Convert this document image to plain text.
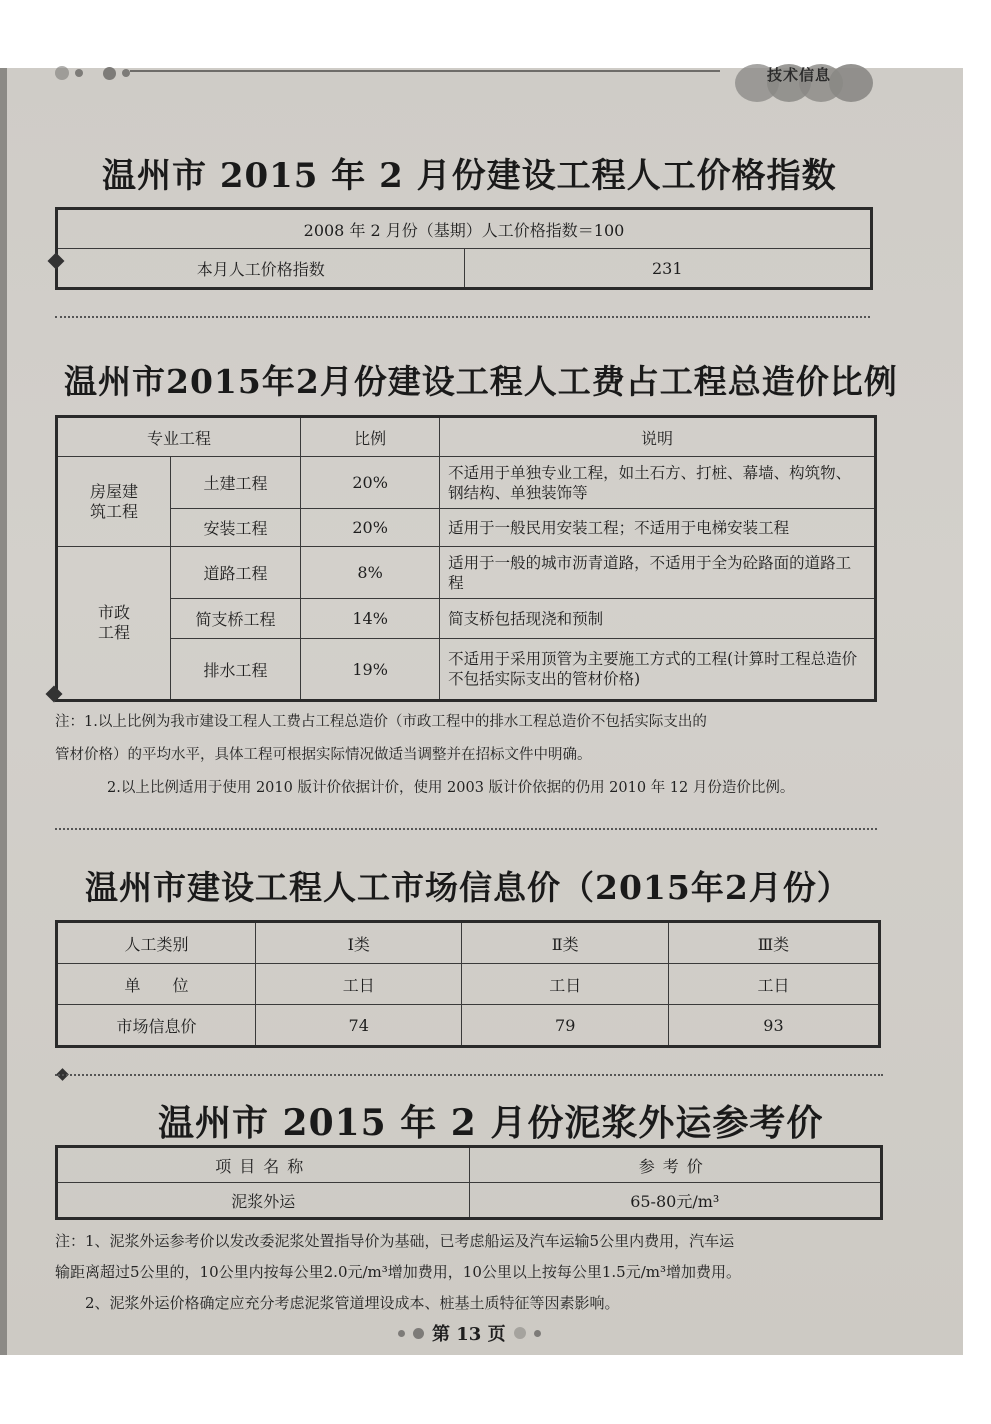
技术信息
温州市 2015 年 2 月份建设工程人工价格指数
2008 年 2 月份（基期）人工价格指数＝100
本月人工价格指数	231
温州市2015年2月份建设工程人工费占工程总造价比例
专业工程		比例	说明
房屋建筑工程	土建工程	20%	不适用于单独专业工程，如土石方、打桩、幕墙、构筑物、钢结构、单独装饰等
	安装工程	20%	适用于一般民用安装工程；不适用于电梯安装工程
市政工程	道路工程	8%	适用于一般的城市沥青道路，不适用于全为砼路面的道路工程
	简支桥工程	14%	简支桥包括现浇和预制
	排水工程	19%	不适用于采用顶管为主要施工方式的工程(计算时工程总造价不包括实际支出的管材价格)
注：1.以上比例为我市建设工程人工费占工程总造价（市政工程中的排水工程总造价不包括实际支出的
管材价格）的平均水平，具体工程可根据实际情况做适当调整并在招标文件中明确。
2.以上比例适用于使用 2010 版计价依据计价，使用 2003 版计价依据的仍用 2010 年 12 月份造价比例。
温州市建设工程人工市场信息价（2015年2月份）
人工类别	Ⅰ类	Ⅱ类	Ⅲ类
单　　位	工日	工日	工日
市场信息价	74	79	93
温州市 2015 年 2 月份泥浆外运参考价
项目名称	参考价
泥浆外运	65-80元/m³
注：1、泥浆外运参考价以发改委泥浆处置指导价为基础，已考虑船运及汽车运输5公里内费用，汽车运
输距离超过5公里的，10公里内按每公里2.0元/m³增加费用，10公里以上按每公里1.5元/m³增加费用。
2、泥浆外运价格确定应充分考虑泥浆管道埋设成本、桩基土质特征等因素影响。
第 13 页
